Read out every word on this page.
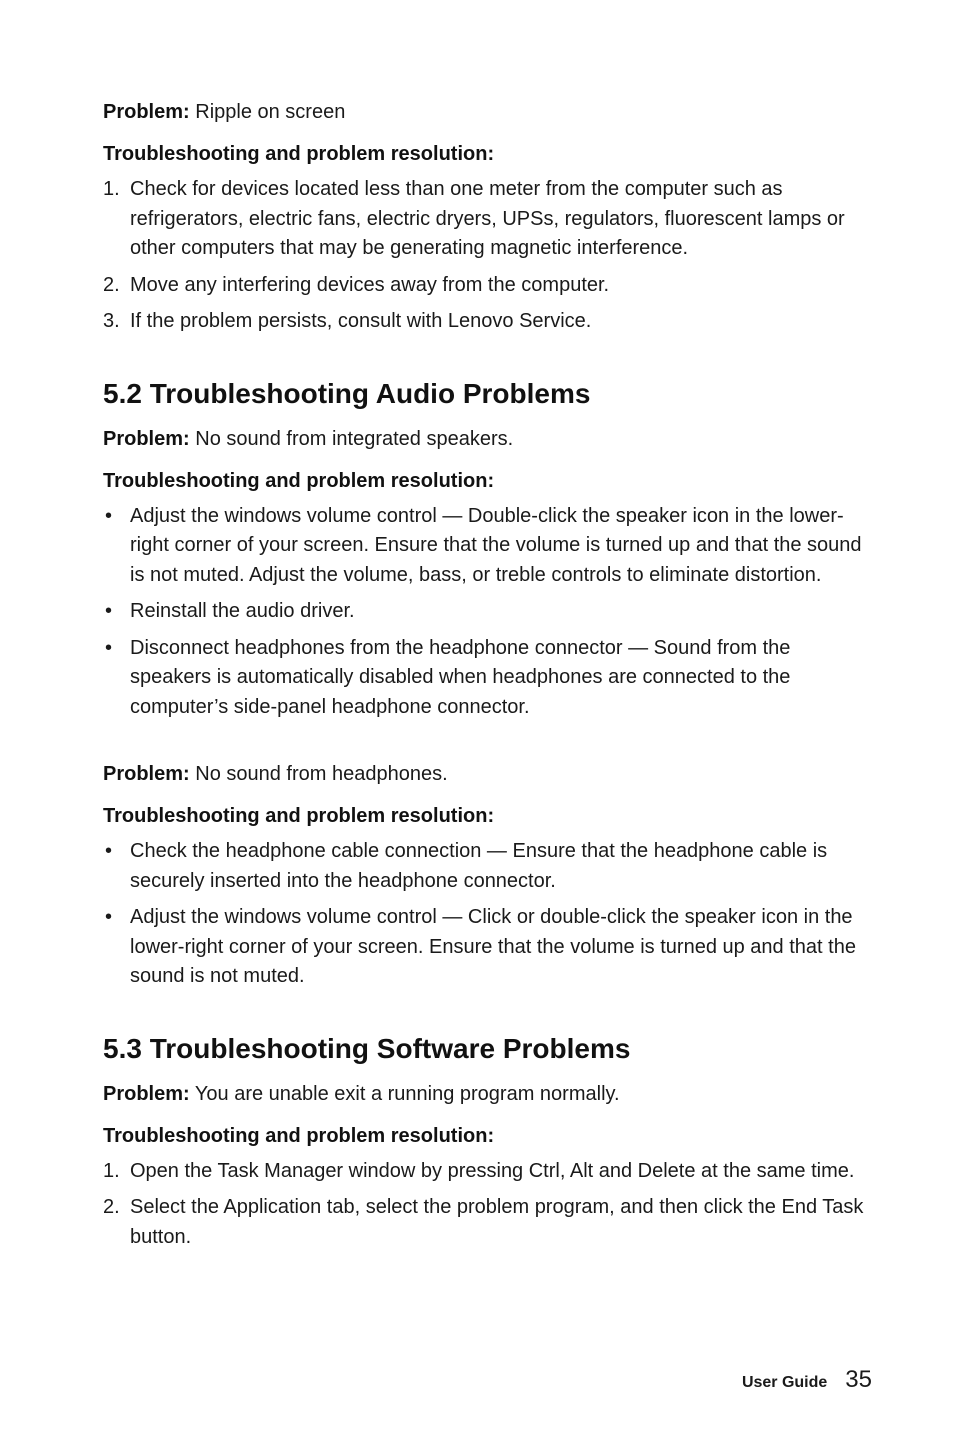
Problem: Ripple on screen

Troubleshooting and problem resolution:

1. Check for devices located less than one meter from the computer such as refrigerators, electric fans, electric dryers, UPSs, regulators, fluorescent lamps or other computers that may be generating magnetic interference.
2. Move any interfering devices away from the computer.
3. If the problem persists, consult with Lenovo Service.
5.2 Troubleshooting Audio Problems

Problem: No sound from integrated speakers.

Troubleshooting and problem resolution:

• Adjust the windows volume control — Double-click the speaker icon in the lower-right corner of your screen. Ensure that the volume is turned up and that the sound is not muted. Adjust the volume, bass, or treble controls to eliminate distortion.
• Reinstall the audio driver.
• Disconnect headphones from the headphone connector — Sound from the speakers is automatically disabled when headphones are connected to the computer’s side-panel headphone connector.

Problem: No sound from headphones.

Troubleshooting and problem resolution:

• Check the headphone cable connection — Ensure that the headphone cable is securely inserted into the headphone connector.
• Adjust the windows volume control — Click or double-click the speaker icon in the lower-right corner of your screen. Ensure that the volume is turned up and that the sound is not muted.
5.3 Troubleshooting Software Problems

Problem: You are unable exit a running program normally.

Troubleshooting and problem resolution:

1. Open the Task Manager window by pressing Ctrl, Alt and Delete at the same time.
2. Select the Application tab, select the problem program, and then click the End Task button.
User Guide 35
